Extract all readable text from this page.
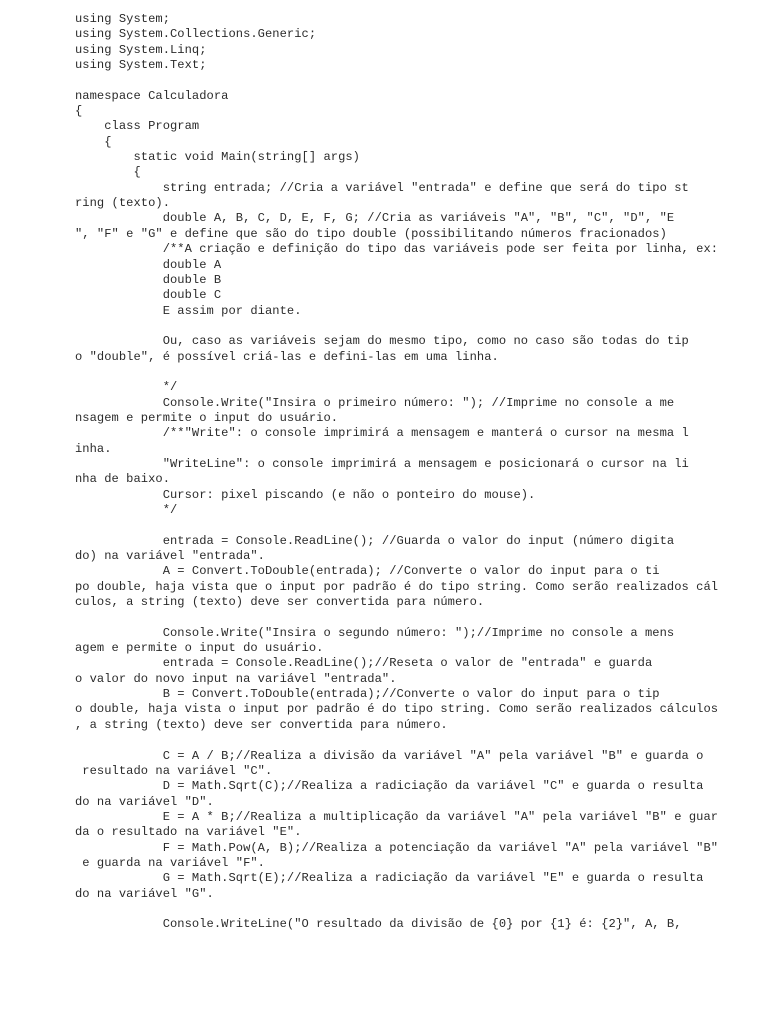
using System;
using System.Collections.Generic;
using System.Linq;
using System.Text;
namespace Calculadora
{
class Program
{
static void Main(string[] args)
{
string entrada; //Cria a variável "entrada" e define que será do tipo st
ring (texto).
double A, B, C, D, E, F, G; //Cria as variáveis "A", "B", "C", "D", "E
", "F" e "G" e define que são do tipo double (possibilitando números fracionados)
/**A criação e definição do tipo das variáveis pode ser feita por linha, ex:
double A
double B
double C
E assim por diante.
Ou, caso as variáveis sejam do mesmo tipo, como no caso são todas do tip
o "double", é possível criá-las e defini-las em uma linha.
*/
Console.Write("Insira o primeiro número: "); //Imprime no console a me
nsagem e permite o input do usuário.
/**"Write": o console imprimirá a mensagem e manterá o cursor na mesma l
inha.
"WriteLine": o console imprimirá a mensagem e posicionará o cursor na li
nha de baixo.
Cursor: pixel piscando (e não o ponteiro do mouse).
*/
entrada = Console.ReadLine(); //Guarda o valor do input (número digita
do) na variável "entrada".
A = Convert.ToDouble(entrada); //Converte o valor do input para o ti
po double, haja vista que o input por padrão é do tipo string. Como serão realizados cál
culos, a string (texto) deve ser convertida para número.
Console.Write("Insira o segundo número: ");//Imprime no console a mens
agem e permite o input do usuário.
entrada = Console.ReadLine();//Reseta o valor de "entrada" e guarda
o valor do novo input na variável "entrada".
B = Convert.ToDouble(entrada);//Converte o valor do input para o tip
o double, haja vista o input por padrão é do tipo string. Como serão realizados cálculos
, a string (texto) deve ser convertida para número.
C = A / B;//Realiza a divisão da variável "A" pela variável "B" e guarda o
resultado na variável "C".
D = Math.Sqrt(C);//Realiza a radiciação da variável "C" e guarda o resulta
do na variável "D".
E = A * B;//Realiza a multiplicação da variável "A" pela variável "B" e guar
da o resultado na variável "E".
F = Math.Pow(A, B);//Realiza a potenciação da variável "A" pela variável "B"
e guarda na variável "F".
G = Math.Sqrt(E);//Realiza a radiciação da variável "E" e guarda o resulta
do na variável "G".
Console.WriteLine("O resultado da divisão de {0} por {1} é: {2}", A, B,
